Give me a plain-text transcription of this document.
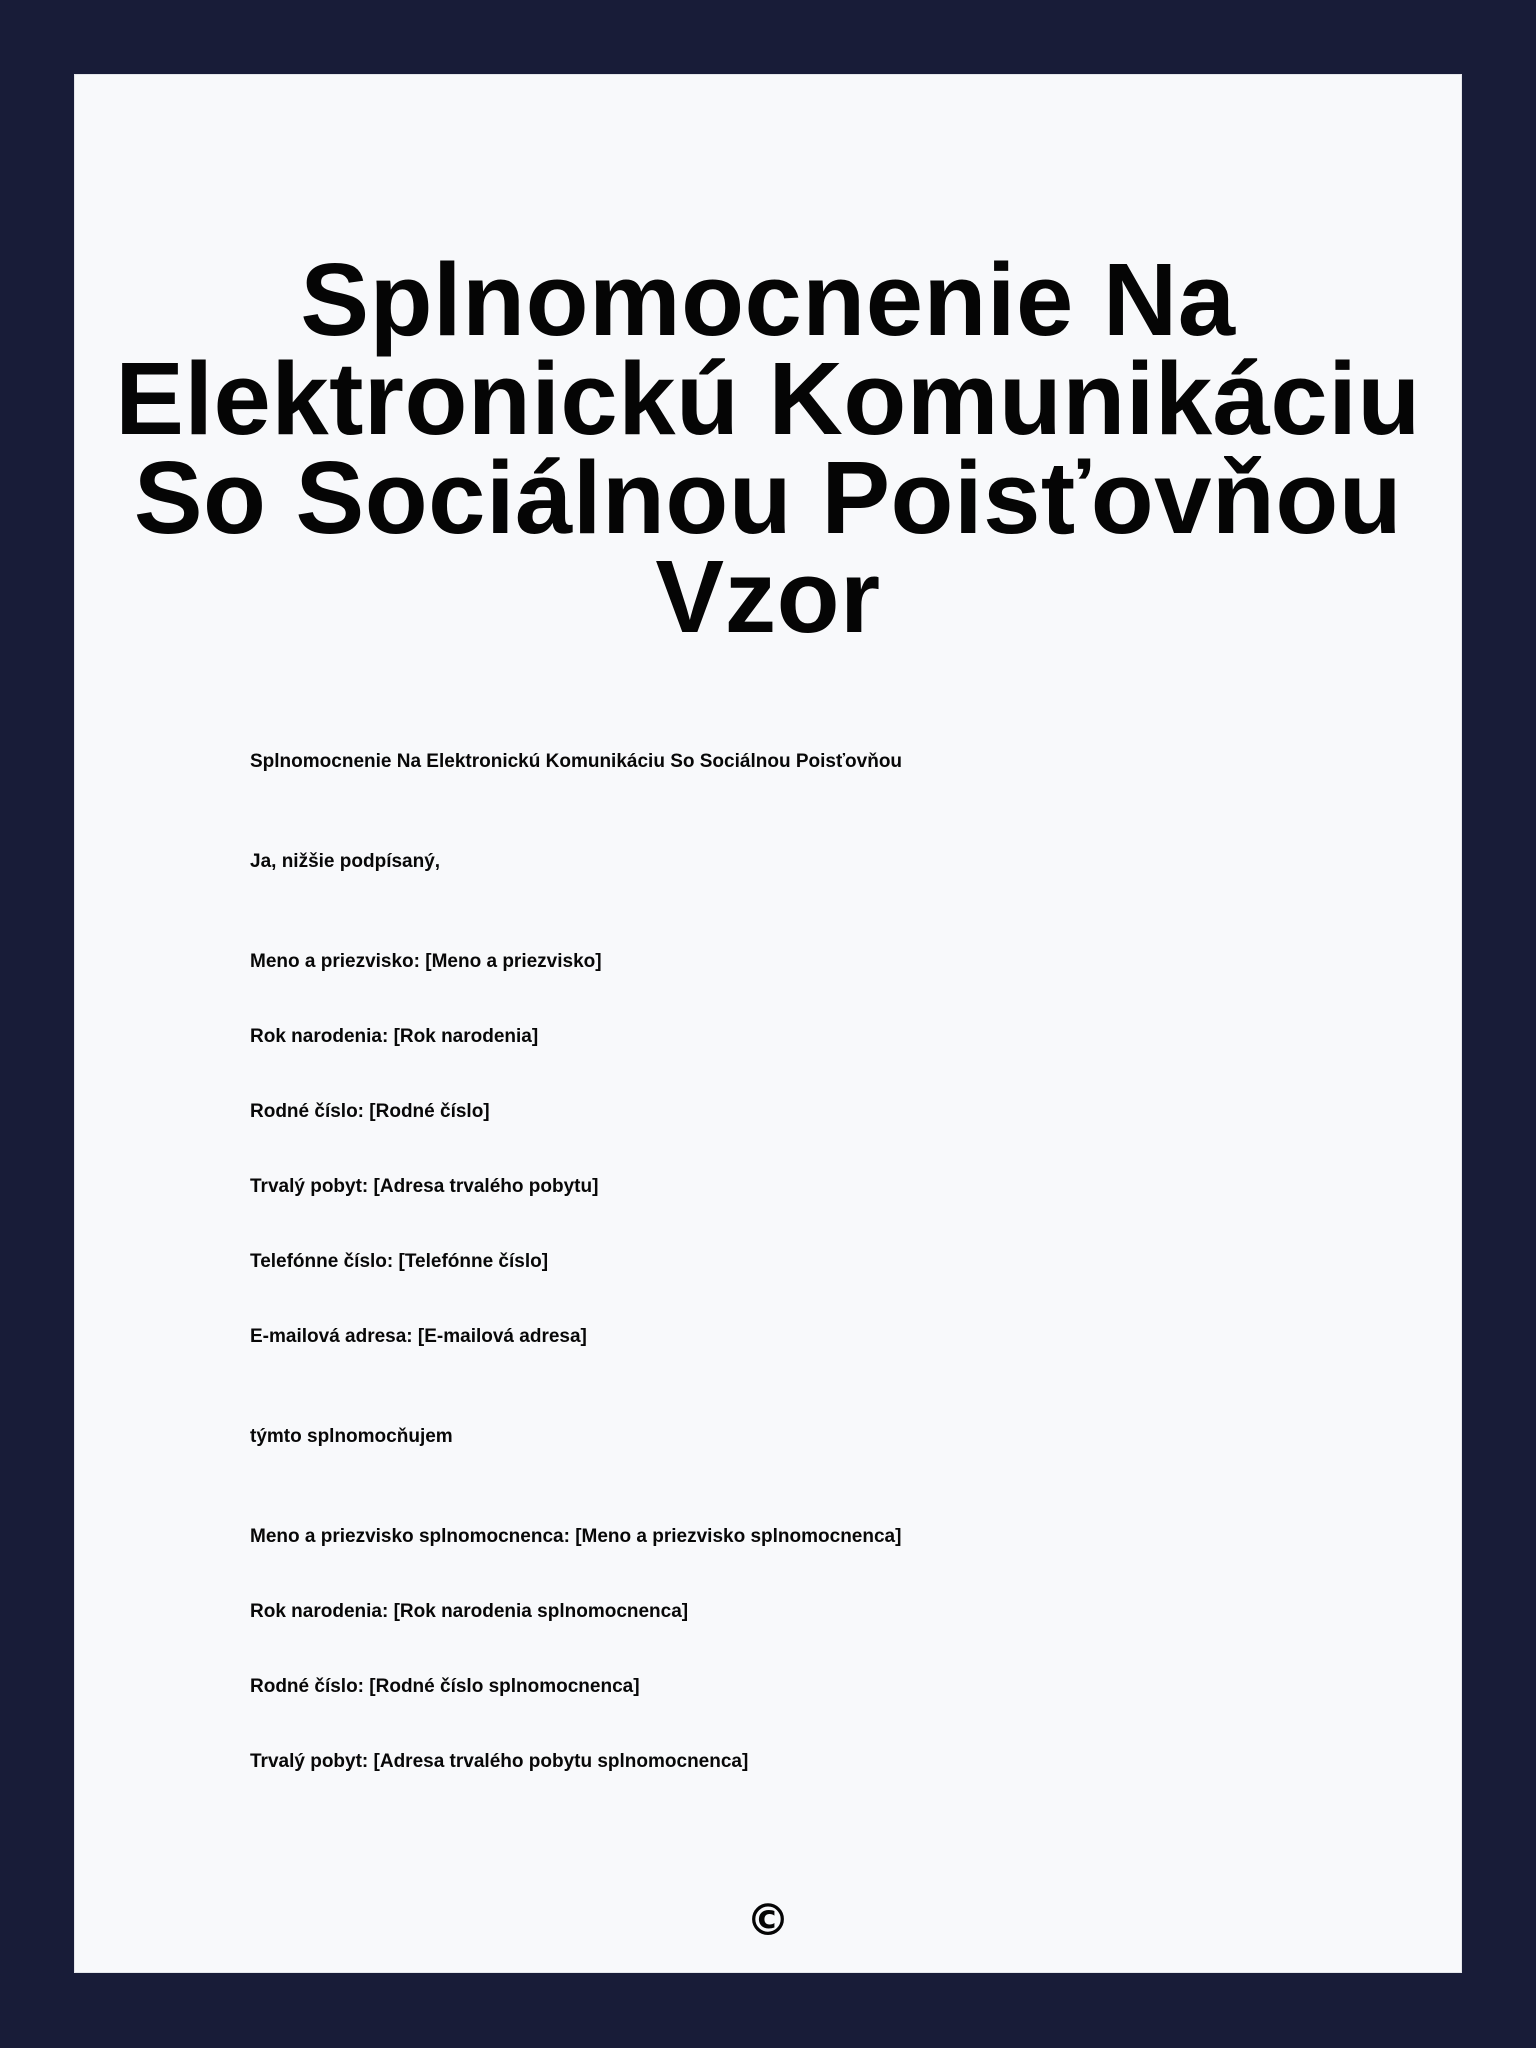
Splnomocnenie Na Elektronickú Komunikáciu So Sociálnou Poisťovňou Vzor

Splnomocnenie Na Elektronickú Komunikáciu So Sociálnou Poisťovňou

Ja, nižšie podpísaný,

Meno a priezvisko: [Meno a priezvisko]

Rok narodenia: [Rok narodenia]

Rodné číslo: [Rodné číslo]

Trvalý pobyt: [Adresa trvalého pobytu]

Telefónne číslo: [Telefónne číslo]

E-mailová adresa: [E-mailová adresa]

týmto splnomocňujem

Meno a priezvisko splnomocnenca: [Meno a priezvisko splnomocnenca]

Rok narodenia: [Rok narodenia splnomocnenca]

Rodné číslo: [Rodné číslo splnomocnenca]

Trvalý pobyt: [Adresa trvalého pobytu splnomocnenca]

©
